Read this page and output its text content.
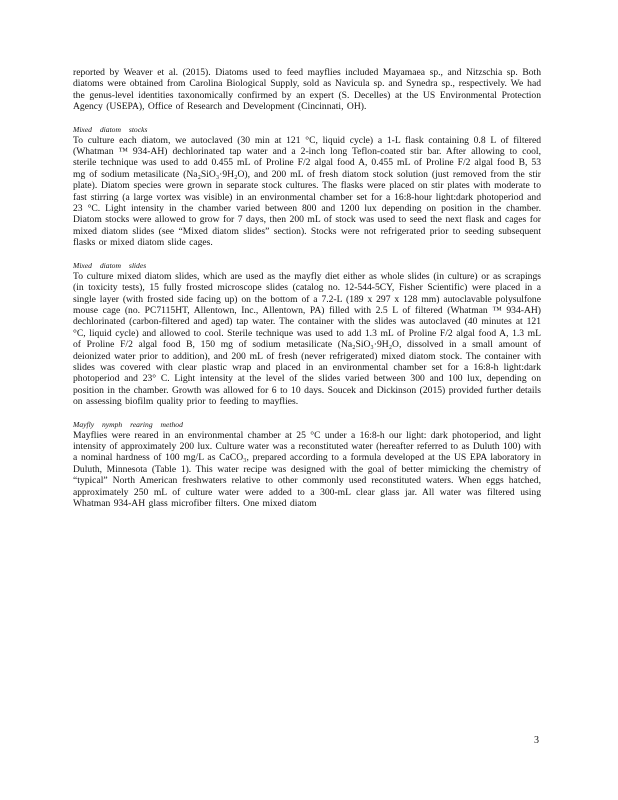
reported by Weaver et al. (2015). Diatoms used to feed mayflies included Mayamaea sp., and Nitzschia sp. Both diatoms were obtained from Carolina Biological Supply, sold as Navicula sp. and Synedra sp., respectively. We had the genus-level identities taxonomically confirmed by an expert (S. Decelles) at the US Environmental Protection Agency (USEPA), Office of Research and Development (Cincinnati, OH).

Mixed diatom stocks

To culture each diatom, we autoclaved (30 min at 121 °C, liquid cycle) a 1-L flask containing 0.8 L of filtered (Whatman ™ 934-AH) dechlorinated tap water and a 2-inch long Teflon-coated stir bar. After allowing to cool, sterile technique was used to add 0.455 mL of Proline F/2 algal food A, 0.455 mL of Proline F/2 algal food B, 53 mg of sodium metasilicate (Na₂SiO₃·9H₂O), and 200 mL of fresh diatom stock solution (just removed from the stir plate). Diatom species were grown in separate stock cultures. The flasks were placed on stir plates with moderate to fast stirring (a large vortex was visible) in an environmental chamber set for a 16:8-hour light:dark photoperiod and 23 °C. Light intensity in the chamber varied between 800 and 1200 lux depending on position in the chamber. Diatom stocks were allowed to grow for 7 days, then 200 mL of stock was used to seed the next flask and cages for mixed diatom slides (see “Mixed diatom slides” section). Stocks were not refrigerated prior to seeding subsequent flasks or mixed diatom slide cages.

Mixed diatom slides

To culture mixed diatom slides, which are used as the mayfly diet either as whole slides (in culture) or as scrapings (in toxicity tests), 15 fully frosted microscope slides (catalog no. 12-544-5CY, Fisher Scientific) were placed in a single layer (with frosted side facing up) on the bottom of a 7.2-L (189 x 297 x 128 mm) autoclavable polysulfone mouse cage (no. PC7115HT, Allentown, Inc., Allentown, PA) filled with 2.5 L of filtered (Whatman ™ 934-AH) dechlorinated (carbon-filtered and aged) tap water. The container with the slides was autoclaved (40 minutes at 121 °C, liquid cycle) and allowed to cool. Sterile technique was used to add 1.3 mL of Proline F/2 algal food A, 1.3 mL of Proline F/2 algal food B, 150 mg of sodium metasilicate (Na₂SiO₃·9H₂O, dissolved in a small amount of deionized water prior to addition), and 200 mL of fresh (never refrigerated) mixed diatom stock. The container with slides was covered with clear plastic wrap and placed in an environmental chamber set for a 16:8-h light:dark photoperiod and 23° C. Light intensity at the level of the slides varied between 300 and 100 lux, depending on position in the chamber. Growth was allowed for 6 to 10 days. Soucek and Dickinson (2015) provided further details on assessing biofilm quality prior to feeding to mayflies.

Mayfly nymph rearing method

Mayflies were reared in an environmental chamber at 25 °C under a 16:8-h our light: dark photoperiod, and light intensity of approximately 200 lux. Culture water was a reconstituted water (hereafter referred to as Duluth 100) with a nominal hardness of 100 mg/L as CaCO₃, prepared according to a formula developed at the US EPA laboratory in Duluth, Minnesota (Table 1). This water recipe was designed with the goal of better mimicking the chemistry of “typical” North American freshwaters relative to other commonly used reconstituted waters. When eggs hatched, approximately 250 mL of culture water were added to a 300-mL clear glass jar. All water was filtered using Whatman 934-AH glass microfiber filters. One mixed diatom

3
